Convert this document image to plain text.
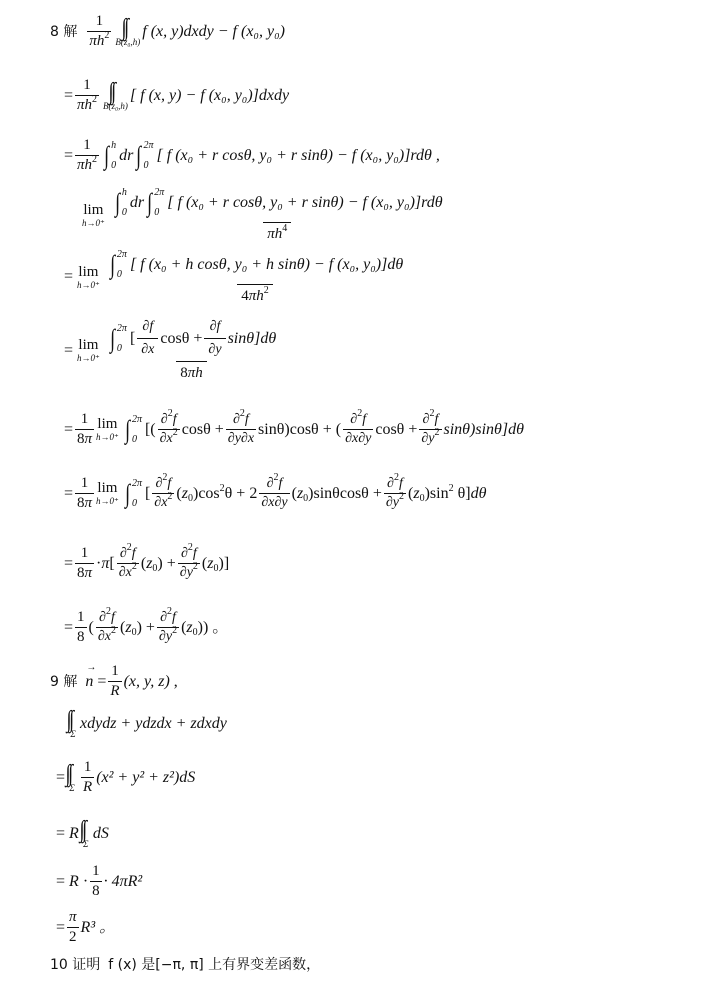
8 解 $\frac{1}{\pi h^2} B(z_0,h)$
f (x, y)dxdy − f (x₀, y₀)
= $\frac{1}{\pi h^2} B(z_0,h)$
[ f (x, y) − f (x₀, y₀)]dxdy
= $\frac{1}{\pi h^2}$ ∫ h
0
dr ∫ 2π
0
[ f (x₀ + r cosθ, y₀ + r sinθ) − f (x₀, y₀)]rdθ ,
lim
h→0⁺ ∫ h
0
dr ∫ 2π
0
[ f (x₀ + r cosθ, y₀ + r sinθ) − f (x₀, y₀)]rdθ
$\pi h^4$
= lim
h→0⁺ ∫ 2π
0
[ f (x₀ + h cosθ, y₀ + h sinθ) − f (x₀, y₀)]dθ
$4\pi h^2$
= lim
h→0⁺ ∫ 2π
0
[ $\frac{\partial f}{\partial x}$ $\cos\theta + \frac{\partial f}{\partial y} \sin\theta]d\theta$
8πh
= $\frac{1}{8\pi}$ lim
h→0⁺ ∫ 2π
0
[( $\frac{\partial^2f}{\partial x^2}$ $\cos\theta + \frac{\partial^2f}{\partial y\partial x} \sin\theta)\cos\theta$ + ( $\frac{\partial^2f}{\partial x\partial y}$ $\cos\theta + \frac{\partial^2f}{\partial y^2} \sin\theta$) sinθ]dθ
= $\frac{1}{8\pi}$ lim
h→0⁺ ∫ 2π
0
[ $\frac{\partial^2f}{\partial x^2} (z_0)\cos^2\theta + 2 \frac{\partial^2f}{\partial x\partial y} (z_0)\sin\theta\cos\theta + \frac{\partial^2f}{\partial y^2} (z_0)\sin^2$ θ]dθ
= $\frac{1}{8\pi} \cdot\pi[ \frac{\partial^2f}{\partial x^2} (z_0) + \frac{\partial^2f}{\partial y^2} (z_0)]$
= $\frac{1}{8}$ ( $\frac{\partial^2f}{\partial x^2} (z_0) + \frac{\partial^2f}{\partial y^2} (z_0)$) 。
9 解
→ $n = \frac{1}{R} (x$, y, z) ,
Σ
xdydz + ydzdx + zdxdy
=
Σ $\frac{1}{R} (x^2 + y^2 + z^2)dS$
= R
Σ
dS
= $R \cdot \frac{1}{8} \cdot 4\pi R^2$
= $\frac{\pi}{2} R^3$ 。
10 证明 f (x) 是[−π, π] 上有界变差函数，
